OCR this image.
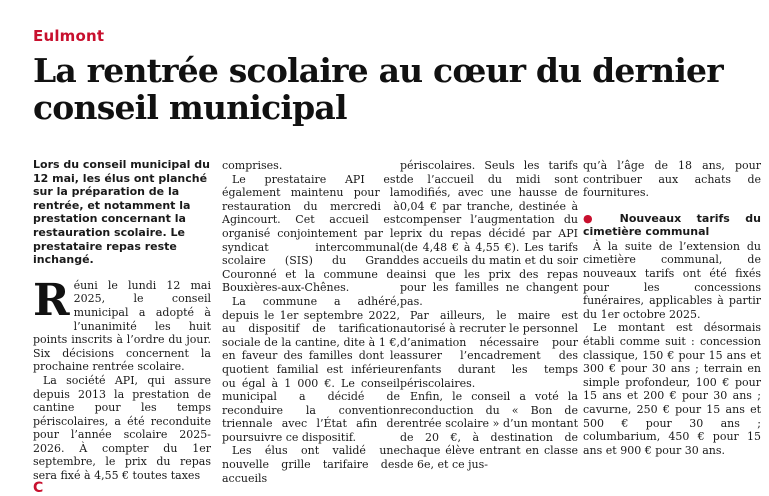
Eulmont
La rentrée scolaire au cœur du dernier conseil municipal
Lors du conseil municipal du 12 mai, les élus ont planché sur la préparation de la rentrée, et notamment la prestation concernant la restauration scolaire. Le prestataire repas reste inchangé.

Réuni le lundi 12 mai 2025, le conseil municipal a adopté à l’unanimité les huit points inscrits à l’ordre du jour. Six décisions concernent la prochaine rentrée scolaire.

La société API, qui assure depuis 2013 la prestation de cantine pour les temps périscolaires, a été reconduite pour l’année scolaire 2025-2026. À compter du 1er septembre, le prix du repas sera fixé à 4,55 € toutes taxes

comprises.

Le prestataire API est également maintenu pour la restauration du mercredi à Agincourt. Cet accueil est organisé conjointement par le syndicat intercommunal scolaire (SIS) du Grand Couronné et la commune de Bouxières-aux-Chênes.

La commune a adhéré, depuis le 1er septembre 2022, au dispositif de tarification sociale de la cantine, dite à 1 €, en faveur des familles dont le quotient familial est inférieur ou égal à 1 000 €. Le conseil municipal a décidé de reconduire la convention triennale avec l’État afin de poursuivre ce dispositif.

Les élus ont validé une nouvelle grille tarifaire des accueils

périscolaires. Seuls les tarifs de l’accueil du midi sont modifiés, avec une hausse de 0,04 € par tranche, destinée à compenser l’augmentation du prix du repas décidé par API (de 4,48 € à 4,55 €). Les tarifs des accueils du matin et du soir ainsi que les prix des repas pour les familles ne changent pas.

Par ailleurs, le maire est autorisé à recruter le personnel d’animation nécessaire pour assurer l’encadrement des enfants durant les temps périscolaires.

Enfin, le conseil a voté la reconduction du « Bon de rentrée scolaire » d’un montant de 20 €, à destination de chaque élève entrant en classe de 6e, et ce jus-

qu’à l’âge de 18 ans, pour contribuer aux achats de fournitures.

● Nouveaux tarifs du cimetière communal

À la suite de l’extension du cimetière communal, de nouveaux tarifs ont été fixés pour les concessions funéraires, applicables à partir du 1er octobre 2025.

Le montant est désormais établi comme suit : concession classique, 150 € pour 15 ans et 300 € pour 30 ans ; terrain en simple profondeur, 100 € pour 15 ans et 200 € pour 30 ans ; cavurne, 250 € pour 15 ans et 500 € pour 30 ans ; columbarium, 450 € pour 15 ans et 900 € pour 30 ans.

C
